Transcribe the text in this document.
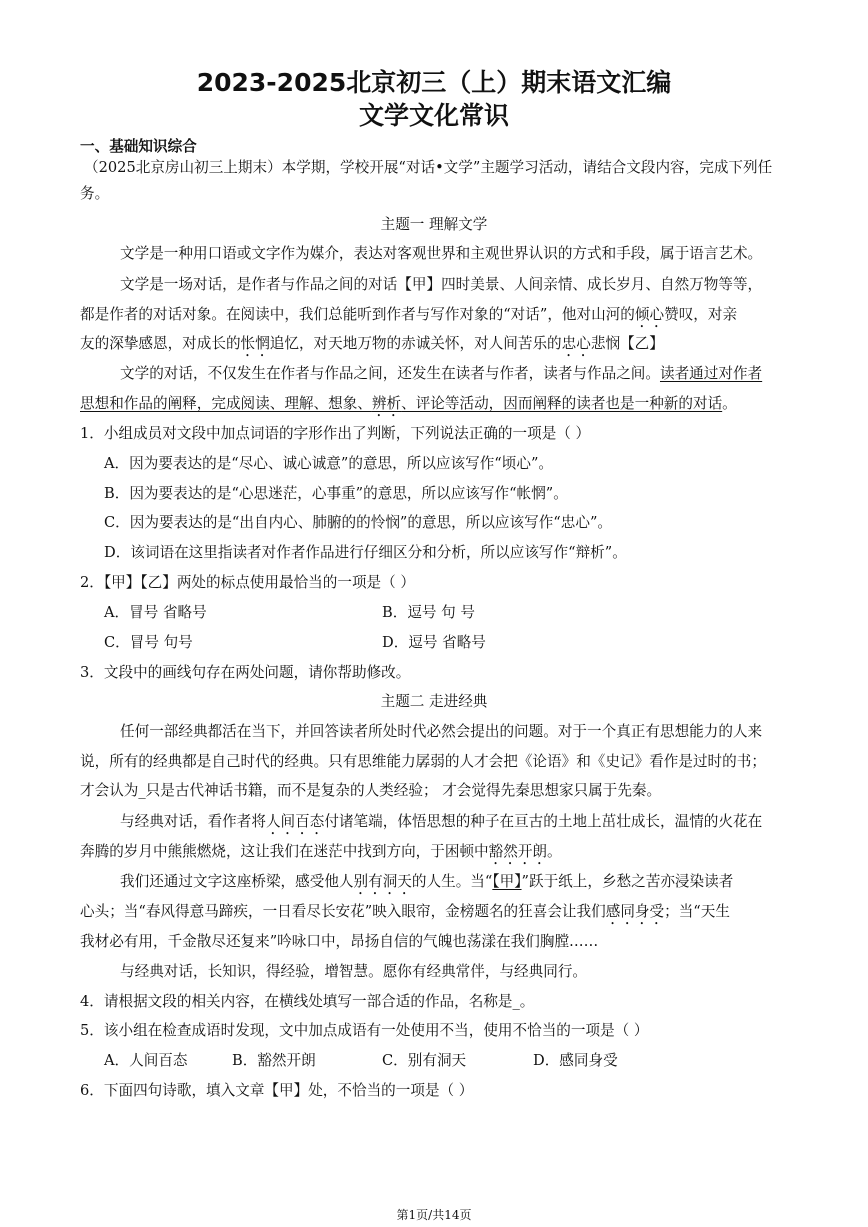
2023-2025北京初三（上）期末语文汇编
文学文化常识
一、基础知识综合
（2025北京房山初三上期末）本学期，学校开展“对话•文学”主题学习活动，请结合文段内容，完成下列任
务。
主题一 理解文学
文学是一种用口语或文字作为媒介，表达对客观世界和主观世界认识的方式和手段，属于语言艺术。
文学是一场对话，是作者与作品之间的对话【甲】四时美景、人间亲情、成长岁月、自然万物等等，
都是作者的对话对象。在阅读中，我们总能听到作者与写作对象的“对话”，他对山河的倾心赞叹，对亲
友的深挚感恩，对成长的怅惘追忆，对天地万物的赤诚关怀，对人间苦乐的忠心悲悯【乙】
文学的对话，不仅发生在作者与作品之间，还发生在读者与作者，读者与作品之间。读者通过对作者
思想和作品的阐释，完成阅读、理解、想象、辨析、评论等活动，因而阐释的读者也是一种新的对话。
1．小组成员对文段中加点词语的字形作出了判断，下列说法正确的一项是（ ）
A．因为要表达的是“尽心、诚心诚意”的意思，所以应该写作“顷心”。
B．因为要表达的是“心思迷茫，心事重”的意思，所以应该写作“帐惘”。
C．因为要表达的是“出自内心、肺腑的的怜悯”的意思，所以应该写作“忠心”。
D．该词语在这里指读者对作者作品进行仔细区分和分析，所以应该写作“辩析”。
2．【甲】【乙】两处的标点使用最恰当的一项是（ ）
A．冒号 省略号	B．逗号 句 号
C．冒号 句号	D．逗号 省略号
3．文段中的画线句存在两处问题，请你帮助修改。
主题二 走进经典
任何一部经典都活在当下，并回答读者所处时代必然会提出的问题。对于一个真正有思想能力的人来
说，所有的经典都是自己时代的经典。只有思维能力孱弱的人才会把《论语》和《史记》看作是过时的书；
才会认为_只是古代神话书籍，而不是复杂的人类经验； 才会觉得先秦思想家只属于先秦。
与经典对话，看作者将人间百态付诸笔端，体悟思想的种子在亘古的土地上茁壮成长，温情的火花在
奔腾的岁月中熊熊燃烧，这让我们在迷茫中找到方向，于困顿中豁然开朗。
我们还通过文字这座桥梁，感受他人别有洞天的人生。当“【甲】”跃于纸上，乡愁之苦亦浸染读者
心头；当“春风得意马蹄疾，一日看尽长安花”映入眼帘，金榜题名的狂喜会让我们感同身受；当“天生
我材必有用，千金散尽还复来”吟咏口中，昂扬自信的气魄也荡漾在我们胸膛……
与经典对话，长知识，得经验，增智慧。愿你有经典常伴，与经典同行。
4．请根据文段的相关内容，在横线处填写一部合适的作品，名称是_。
5．该小组在检查成语时发现，文中加点成语有一处使用不当，使用不恰当的一项是（ ）
A．人间百态	B．豁然开朗	C．别有洞天	D．感同身受
6．下面四句诗歌，填入文章【甲】处，不恰当的一项是（ ）
第1页/共14页
